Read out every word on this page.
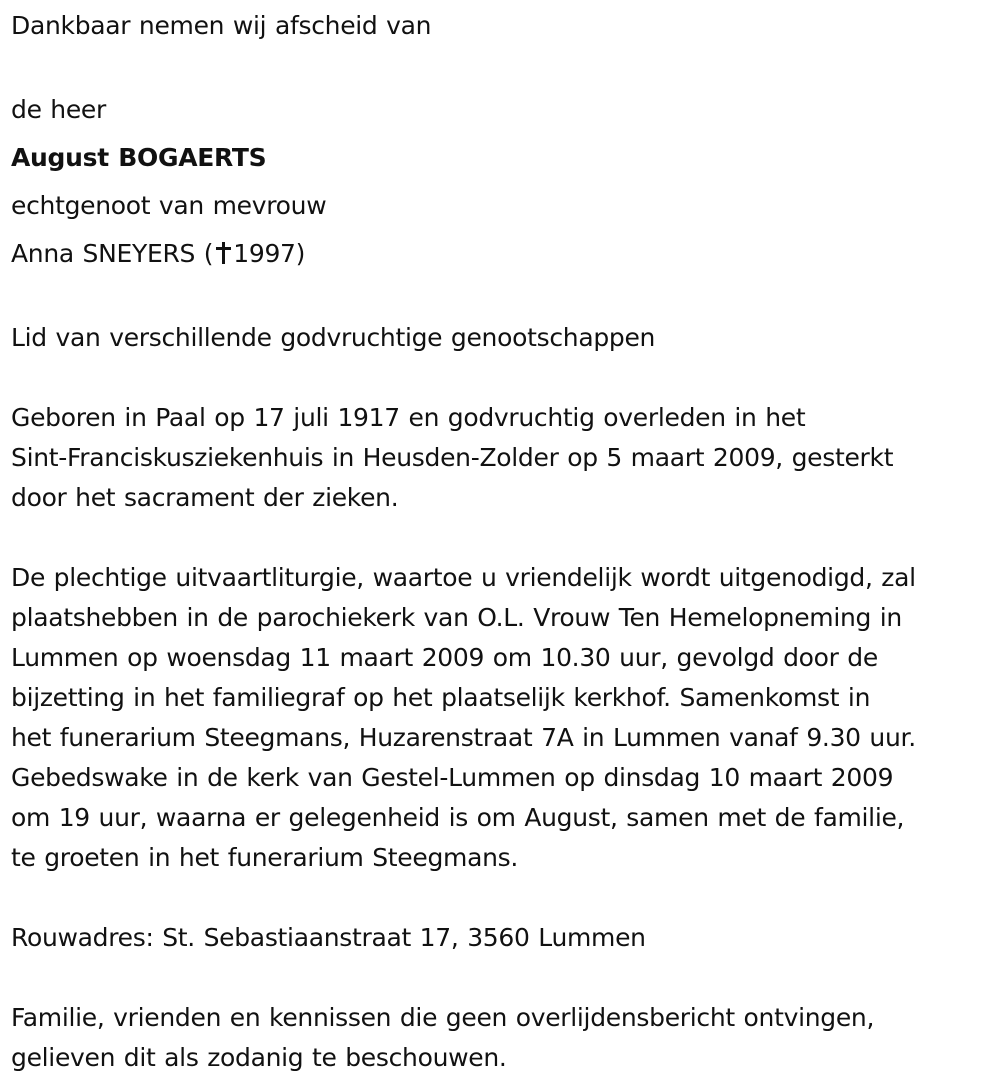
Dankbaar nemen wij afscheid van

de heer

August BOGAERTS

echtgenoot van mevrouw

Anna SNEYERS ( 1997)

Lid van verschillende godvruchtige genootschappen

Geboren in Paal op 17 juli 1917 en godvruchtig overleden in het

Sint-Franciskusziekenhuis in Heusden-Zolder op 5 maart 2009, gesterkt

door het sacrament der zieken.

De plechtige uitvaartliturgie, waartoe u vriendelijk wordt uitgenodigd, zal

plaatshebben in de parochiekerk van O.L. Vrouw Ten Hemelopneming in

Lummen op woensdag 11 maart 2009 om 10.30 uur, gevolgd door de

bijzetting in het familiegraf op het plaatselijk kerkhof. Samenkomst in

het funerarium Steegmans, Huzarenstraat 7A in Lummen vanaf 9.30 uur.

Gebedswake in de kerk van Gestel-Lummen op dinsdag 10 maart 2009

om 19 uur, waarna er gelegenheid is om August, samen met de familie,

te groeten in het funerarium Steegmans.

Rouwadres: St. Sebastiaanstraat 17, 3560 Lummen

Familie, vrienden en kennissen die geen overlijdensbericht ontvingen,

gelieven dit als zodanig te beschouwen.
